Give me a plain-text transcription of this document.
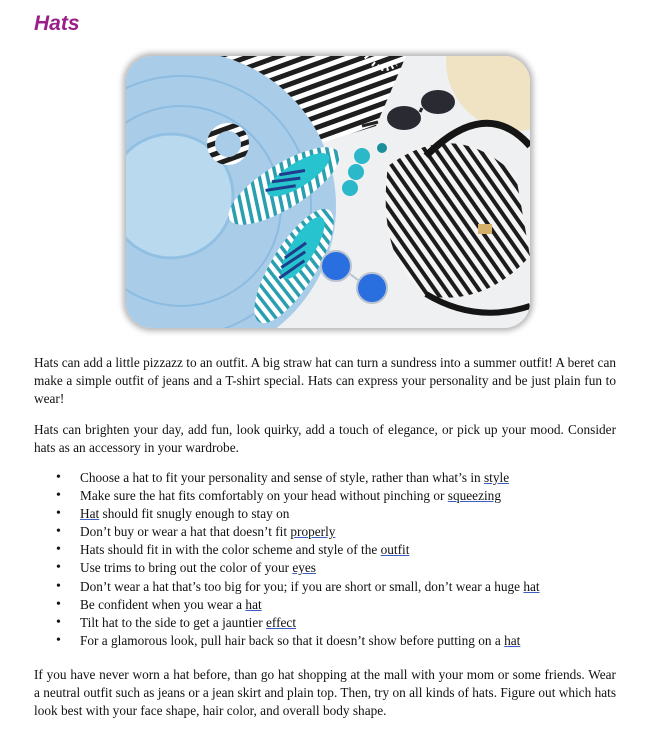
Hats

Hats can add a little pizzazz to an outfit. A big straw hat can turn a sundress into a summer outfit! A beret can make a simple outfit of jeans and a T-shirt special. Hats can express your personality and be just plain fun to wear!

Hats can brighten your day, add fun, look quirky, add a touch of elegance, or pick up your mood. Consider hats as an accessory in your wardrobe.

• Choose a hat to fit your personality and sense of style, rather than what’s in style
• Make sure the hat fits comfortably on your head without pinching or squeezing
• Hat should fit snugly enough to stay on
• Don’t buy or wear a hat that doesn’t fit properly
• Hats should fit in with the color scheme and style of the outfit
• Use trims to bring out the color of your eyes
• Don’t wear a hat that’s too big for you; if you are short or small, don’t wear a huge hat
• Be confident when you wear a hat
• Tilt hat to the side to get a jauntier effect
• For a glamorous look, pull hair back so that it doesn’t show before putting on a hat

If you have never worn a hat before, than go hat shopping at the mall with your mom or some friends. Wear a neutral outfit such as jeans or a jean skirt and plain top. Then, try on all kinds of hats. Figure out which hats look best with your face shape, hair color, and overall body shape.
